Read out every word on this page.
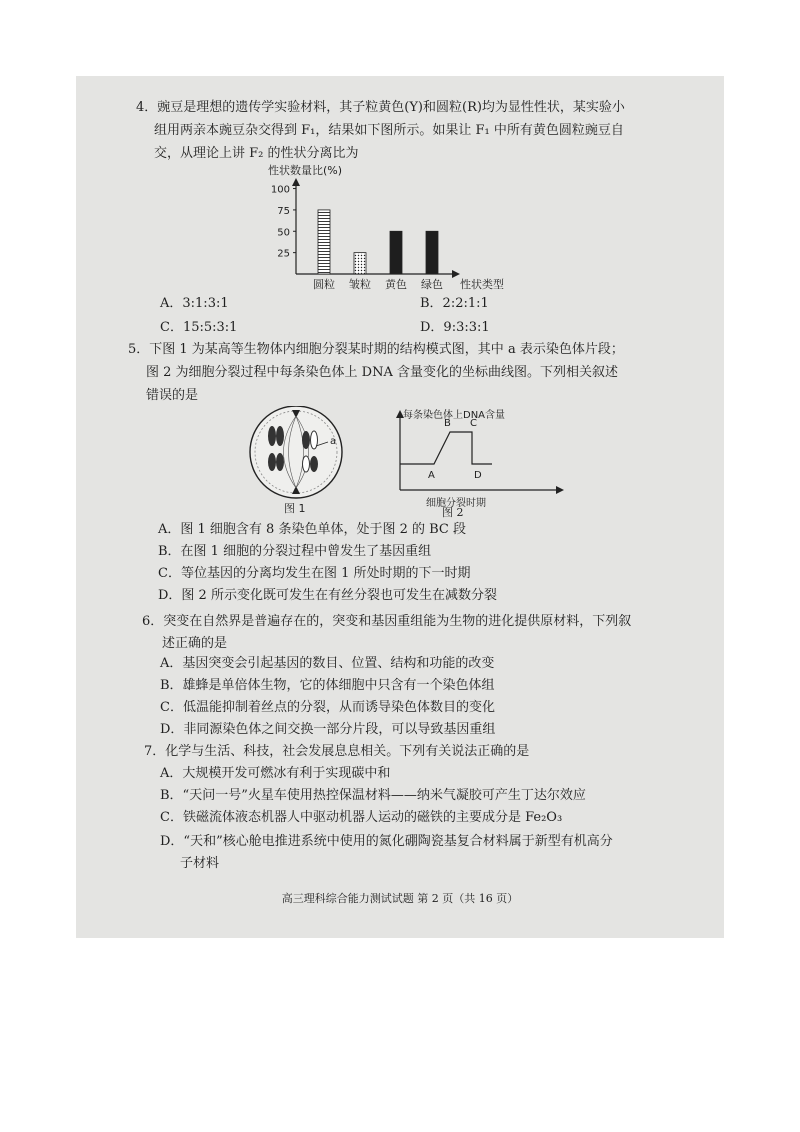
4．豌豆是理想的遗传学实验材料，其子粒黄色(Y)和圆粒(R)均为显性性状，某实验小
组用两亲本豌豆杂交得到 F₁，结果如下图所示。如果让 F₁ 中所有黄色圆粒豌豆自
交，从理论上讲 F₂ 的性状分离比为
性状数量比(%)
性状类型
25
50
75
100
圆粒 皱粒 黄色 绿色
A．3:1:3:1	B．2:2:1:1
C．15:5:3:1	D．9:3:3:1
5．下图 1 为某高等生物体内细胞分裂某时期的结构模式图，其中 a 表示染色体片段；
图 2 为细胞分裂过程中每条染色体上 DNA 含量变化的坐标曲线图。下列相关叙述
错误的是
a
图 1
每条染色体上DNA含量
A
B C
D
细胞分裂时期
图 2
A．图 1 细胞含有 8 条染色单体，处于图 2 的 BC 段
B．在图 1 细胞的分裂过程中曾发生了基因重组
C．等位基因的分离均发生在图 1 所处时期的下一时期
D．图 2 所示变化既可发生在有丝分裂也可发生在减数分裂
6．突变在自然界是普遍存在的，突变和基因重组能为生物的进化提供原材料，下列叙
述正确的是
A．基因突变会引起基因的数目、位置、结构和功能的改变
B．雄蜂是单倍体生物，它的体细胞中只含有一个染色体组
C．低温能抑制着丝点的分裂，从而诱导染色体数目的变化
D．非同源染色体之间交换一部分片段，可以导致基因重组
7．化学与生活、科技，社会发展息息相关。下列有关说法正确的是
A．大规模开发可燃冰有利于实现碳中和
B．“天问一号”火星车使用热控保温材料——纳米气凝胶可产生丁达尔效应
C．铁磁流体液态机器人中驱动机器人运动的磁铁的主要成分是 Fe₂O₃
D．“天和”核心舱电推进系统中使用的氮化硼陶瓷基复合材料属于新型有机高分
子材料
高三理科综合能力测试试题 第 2 页（共 16 页）
